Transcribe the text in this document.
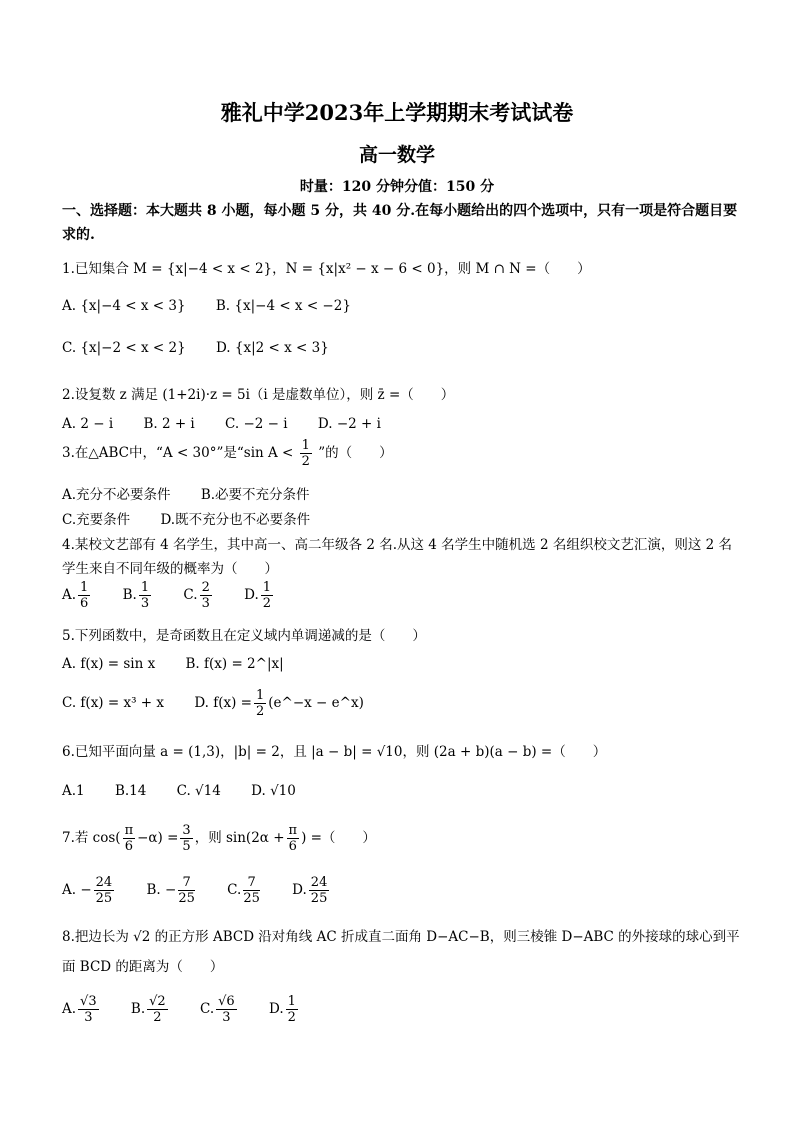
雅礼中学2023年上学期期末考试试卷
高一数学
时量：120 分钟分值：150 分
一、选择题：本大题共 8 小题，每小题 5 分，共 40 分.在每小题给出的四个选项中，只有一项是符合题目要求的.
1.已知集合 M = {x|−4 < x < 2}，N = {x|x² − x − 6 < 0}，则 M ∩ N =（　　）
A. {x|−4 < x < 3} B. {x|−4 < x < −2}
C. {x|−2 < x < 2} D. {x|2 < x < 3}
2.设复数 z 满足 (1+2i)·z = 5i（i 是虚数单位），则 z̄ =（　　）
A. 2 − i B. 2 + i C. −2 − i D. −2 + i
3.在△ABC中，“A < 30°”是“sin $A < \frac{1}{2}$ ”的（　　）
A.充分不必要条件 B.必要不充分条件
C.充要条件 D.既不充分也不必要条件
4.某校文艺部有 4 名学生，其中高一、高二年级各 2 名.从这 4 名学生中随机选 2 名组织校文艺汇演，则这 2 名
学生来自不同年级的概率为（　　）
A. $\frac{1}{6} B$. $\frac{1}{3} C$. $\frac{2}{3} D$. $\frac{1}{2}$
5.下列函数中，是奇函数且在定义域内单调递减的是（　　）
A. f(x) = sin x B. f(x) = 2^|x|
C. f(x) = x³ + x D. $f(x) = \frac{1}{2}$ (e^−x − e^x)
6.已知平面向量 a = (1,3)，|b| = 2，且 |a − b| = √10，则 (2a + b)(a − b) =（　　）
A.1 B.14 C. √14 D. √10
7.若 $\cos( \frac{\pi}{6} -\alpha) = \frac{3}{5}$ ，则 $\sin(2\alpha + \frac{\pi}{6}$ ) =（　　）
A. − $\frac{24}{25} B$. − $\frac{7}{25} C$. $\frac{7}{25} D$. $\frac{24}{25}$
8.把边长为 √2 的正方形 ABCD 沿对角线 AC 折成直二面角 D−AC−B，则三棱锥 D−ABC 的外接球的球心到平面 BCD 的距离为（　　）
A. $\frac{√3}{3} B$. $\frac{√2}{2} C$. $\frac{√6}{3} D$. $\frac{1}{2}$
